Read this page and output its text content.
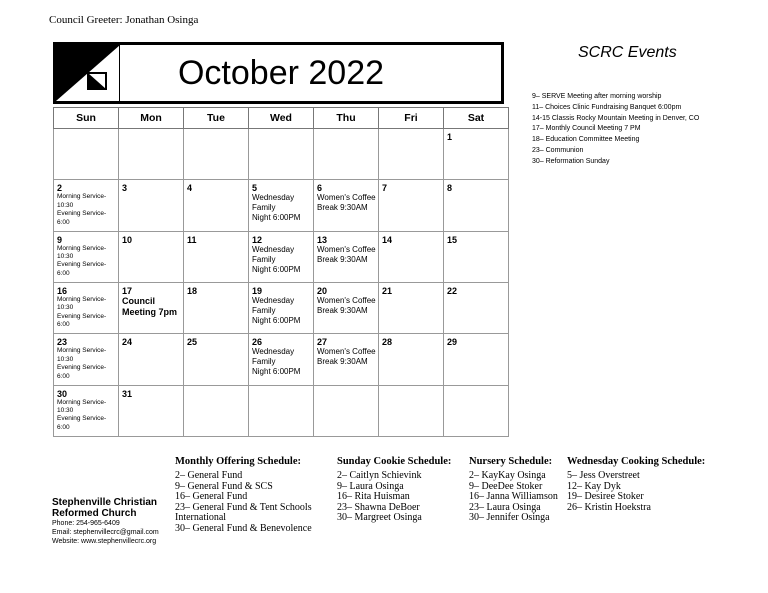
Council Greeter: Jonathan Osinga
October 2022
SCRC Events
9– SERVE Meeting after morning worship
11– Choices Clinic Fundraising Banquet 6:00pm
14-15 Classis Rocky Mountain Meeting in Denver, CO
17– Monthly Council Meeting 7 PM
18– Education Committee Meeting
23– Communion
30– Reformation Sunday
Sun	Mon	Tue	Wed	Thu	Fri	Sat

						1

2
Morning Service-
10:30
Evening Service- 6:00	3	4	5
Wednesday Family
Night 6:00PM	6
Women's Coffee
Break 9:30AM	7	8

9
Morning Service-
10:30
Evening Service- 6:00	10	11	12
Wednesday Family
Night 6:00PM	13
Women's Coffee
Break 9:30AM	14	15

16
Morning Service-
10:30
Evening Service- 6:00	17
Council
Meeting 7pm	18	19
Wednesday Family
Night 6:00PM	20
Women's Coffee
Break 9:30AM	21	22

23
Morning Service-
10:30
Evening Service- 6:00	24	25	26
Wednesday Family
Night 6:00PM	27
Women's Coffee
Break 9:30AM	28	29

30
Morning Service-
10:30
Evening Service- 6:00	31					

Stephenville Christian
Reformed Church
Phone: 254-965-6409
Email: stephenvillecrc@gmail.com
Website: www.stephenvillecrc.org
Monthly Offering Schedule:
2– General Fund
9– General Fund & SCS
16– General Fund
23– General Fund & Tent Schools
International
30– General Fund & Benevolence
Sunday Cookie Schedule:
2– Caitlyn Schievink
9– Laura Osinga
16– Rita Huisman
23– Shawna DeBoer
30– Margreet Osinga
Nursery Schedule:
2– KayKay Osinga
9– DeeDee Stoker
16– Janna Williamson
23– Laura Osinga
30– Jennifer Osinga
Wednesday Cooking Schedule:
5– Jess Overstreet
12– Kay Dyk
19– Desiree Stoker
26– Kristin Hoekstra
